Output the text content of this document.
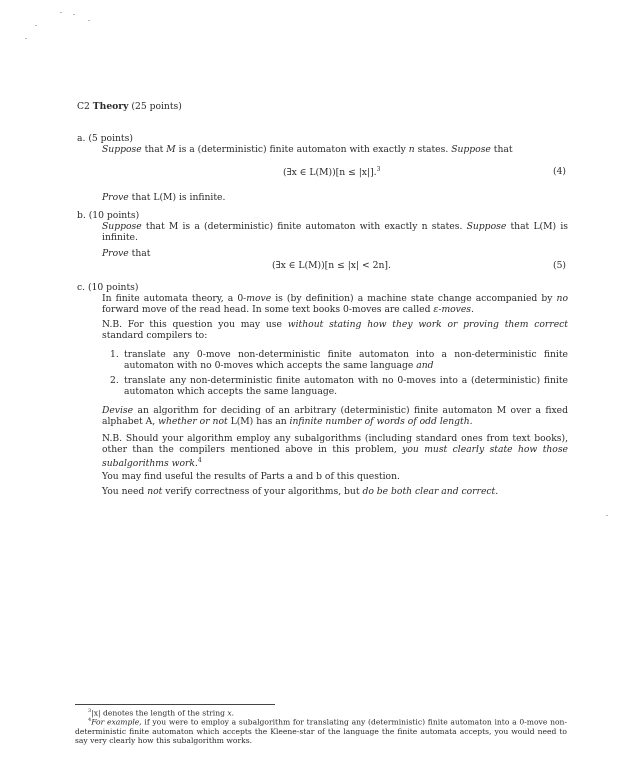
C2 Theory (25 points)
a. (5 points)
Suppose that M is a (deterministic) finite automaton with exactly n states. Suppose that
(∃x ∈ L(M))[n ≤ |x|].$^3$	(4)
Prove that L(M) is infinite.
b. (10 points)
Suppose that M is a (deterministic) finite automaton with exactly n states. Suppose that L(M) is infinite.
Prove that
(∃x ∈ L(M))[n ≤ |x| < 2n].	(5)
c. (10 points)
In finite automata theory, a 0-move is (by definition) a machine state change accompanied by no forward move of the read head. In some text books 0-moves are called ε-moves.
N.B. For this question you may use without stating how they work or proving them correct standard compilers to:
1. translate any 0-move non-deterministic finite automaton into a non-deterministic finite automaton with no 0-moves which accepts the same language and
2. translate any non-deterministic finite automaton with no 0-moves into a (deterministic) finite automaton which accepts the same language.
Devise an algorithm for deciding of an arbitrary (deterministic) finite automaton M over a fixed alphabet A, whether or not L(M) has an infinite number of words of odd length.
N.B. Should your algorithm employ any subalgorithms (including standard ones from text books), other than the compilers mentioned above in this problem, you must clearly state how those subalgorithms work.$^4$
You may find useful the results of Parts a and b of this question.
You need not verify correctness of your algorithms, but do be both clear and correct.
$^3$|x| denotes the length of the string x.
$^4$For example, if you were to employ a subalgorithm for translating any (deterministic) finite automaton into a 0-move non-deterministic finite automaton which accepts the Kleene-star of the language the finite automata accepts, you would need to say very clearly how this subalgorithm works.
